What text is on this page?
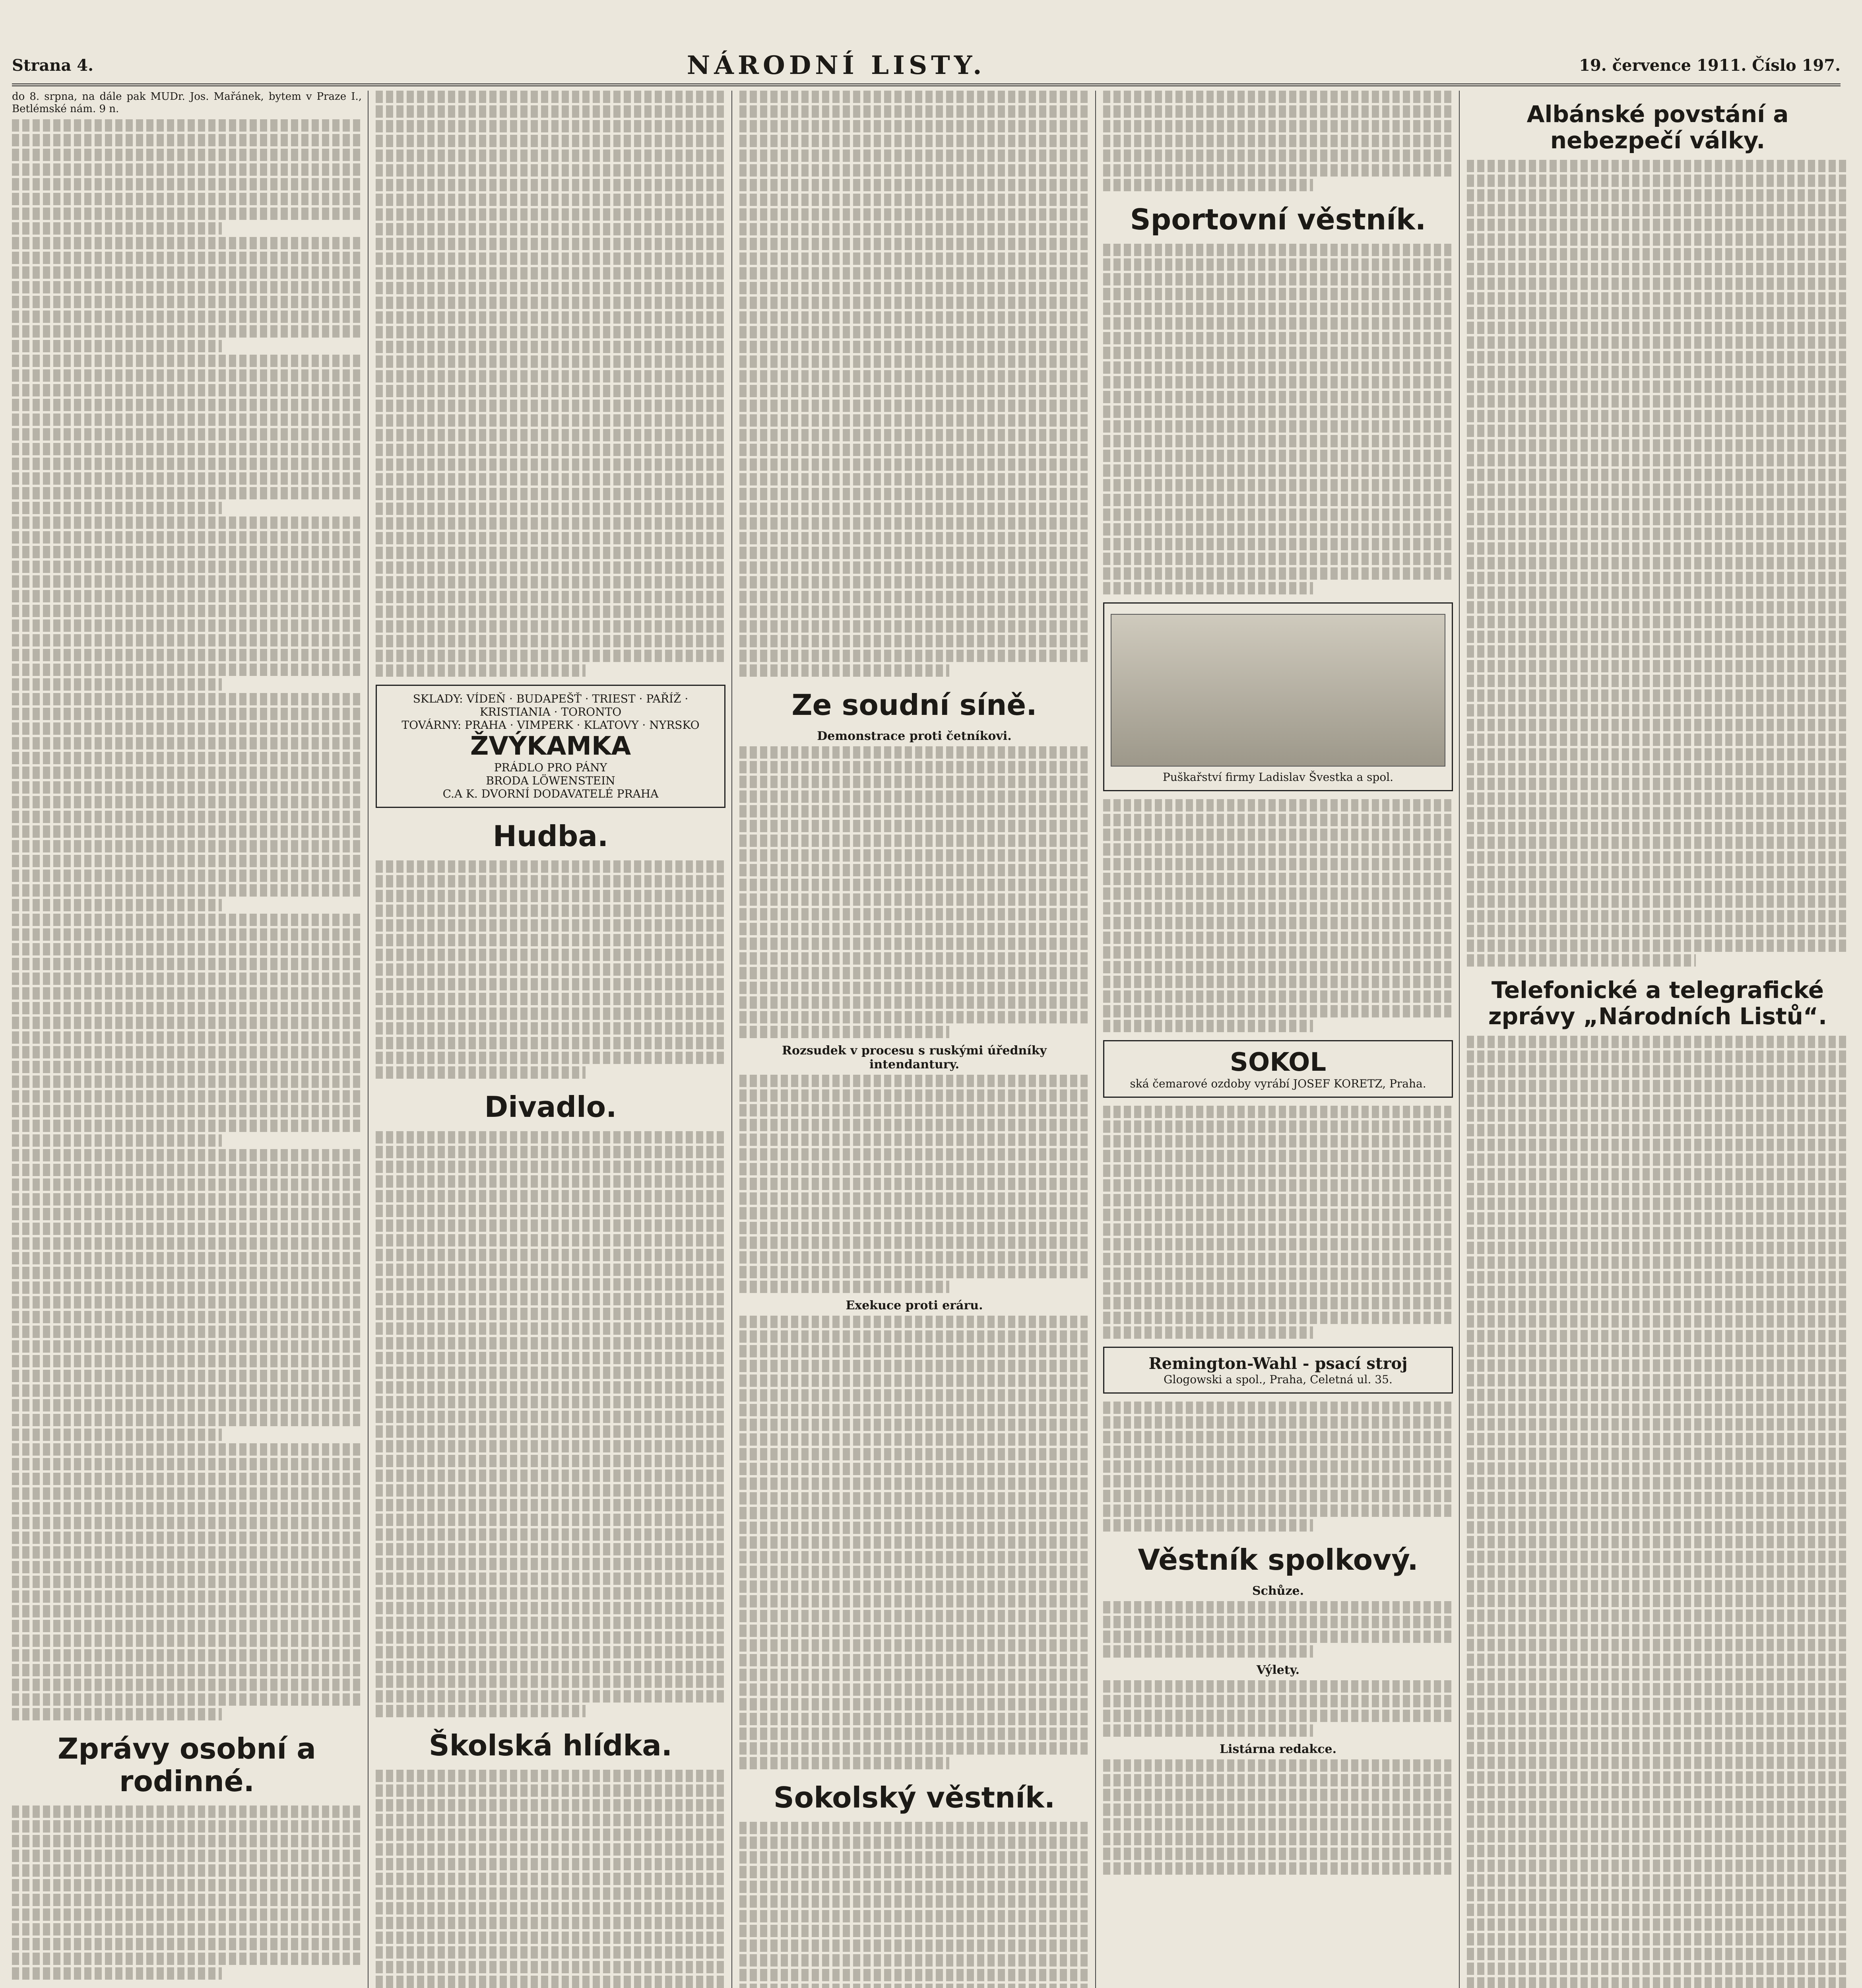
Strana 4.	NÁRODNÍ LISTY.	19. července 1911. Číslo 197.

do 8. srpna, na dále pak MUDr. Jos. Mařánek, bytem v Praze I., Betlémské nám. 9 n.

Zprávy osobní a rodinné.
SKLADY: VÍDEŇ · BUDAPEŠŤ · TRIEST · PAŘÍŽ · KRISTIANIA · TORONTO
TOVÁRNY: PRAHA · VIMPERK · KLATOVY · NYRSKO
ŽVÝKAMKA
PRÁDLO PRO PÁNY
BRODA LÖWENSTEIN
C.A K. DVORNÍ DODAVATELÉ PRAHA
Hudba.
Divadlo.
Školská hlídka.
Ze soudní síně.
Demonstrace proti četníkovi.
Rozsudek v procesu s ruskými úředníky intendantury.
Exekuce proti eráru.
Sokolský věstník.
Sportovní věstník.
Puškařství firmy Ladislav Švestka a spol.
SOKOL
ská čemarové ozdoby vyrábí JOSEF KORETZ, Praha.
Remington-Wahl - psací stroj
Glogowski a spol., Praha, Celetná ul. 35.
Věstník spolkový.
Schůze.
Výlety.
Listárna redakce.
Albánské povstání a nebezpečí války.
Telefonické a telegrafické zprávy „Národních Listů“.
